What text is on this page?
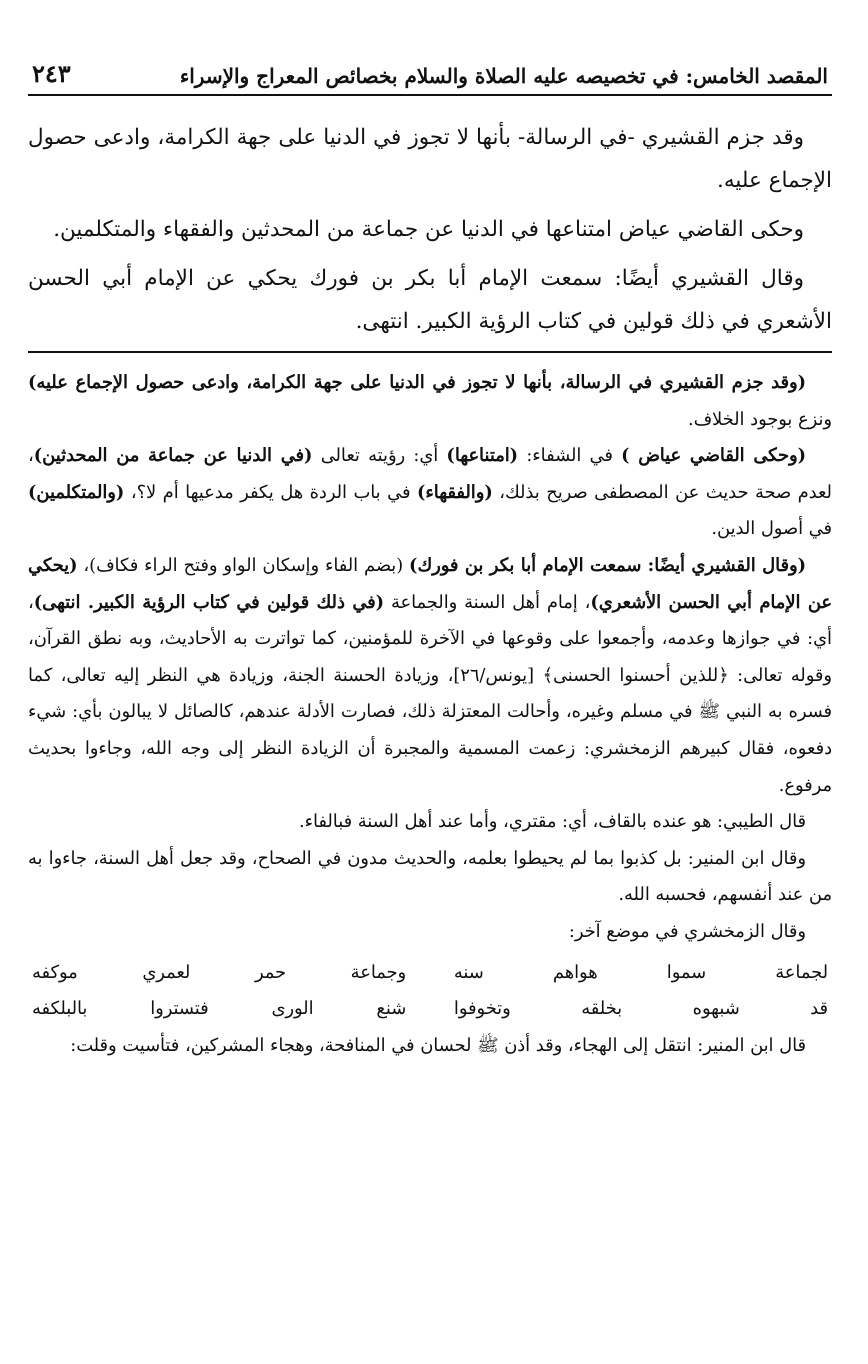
المقصد الخامس: في تخصيصه عليه الصلاة والسلام بخصائص المعراج والإسراء
٢٤٣

وقد جزم القشيري -في الرسالة- بأنها لا تجوز في الدنيا على جهة الكرامة، وادعى حصول الإجماع عليه.

وحكى القاضي عياض امتناعها في الدنيا عن جماعة من المحدثين والفقهاء والمتكلمين.

وقال القشيري أيضًا: سمعت الإمام أبا بكر بن فورك يحكي عن الإمام أبي الحسن الأشعري في ذلك قولين في كتاب الرؤية الكبير. انتهى.

(وقد جزم القشيري في الرسالة، بأنها لا تجوز في الدنيا على جهة الكرامة، وادعى حصول الإجماع عليه) ونزع بوجود الخلاف.

(وحكى القاضي عياض ) في الشفاء: (امتناعها) أي: رؤيته تعالى (في الدنيا عن جماعة من المحدثين)، لعدم صحة حديث عن المصطفى صريح بذلك، (والفقهاء) في باب الردة هل يكفر مدعيها أم لا؟، (والمتكلمين) في أصول الدين.

(وقال القشيري أيضًا: سمعت الإمام أبا بكر بن فورك) (بضم الفاء وإسكان الواو وفتح الراء فكاف)، (يحكي عن الإمام أبي الحسن الأشعري)، إمام أهل السنة والجماعة (في ذلك قولين في كتاب الرؤية الكبير. انتهى)، أي: في جوازها وعدمه، وأجمعوا على وقوعها في الآخرة للمؤمنين، كما تواترت به الأحاديث، وبه نطق القرآن، وقوله تعالى: ﴿للذين أحسنوا الحسنى﴾ [يونس/٢٦]، وزيادة الحسنة الجنة، وزيادة هي النظر إليه تعالى، كما فسره به النبي ﷺ في مسلم وغيره، وأحالت المعتزلة ذلك، فصارت الأدلة عندهم، كالصائل لا يبالون بأي: شيء دفعوه، فقال كبيرهم الزمخشري: زعمت المسمية والمجبرة أن الزيادة النظر إلى وجه الله، وجاءوا بحديث مرفوع.

قال الطيبي: هو عنده بالقاف، أي: مقتري، وأما عند أهل السنة فبالفاء.

وقال ابن المنير: بل كذبوا بما لم يحيطوا بعلمه، والحديث مدون في الصحاح، وقد جعل أهل السنة، جاءوا به من عند أنفسهم، فحسبه الله.

وقال الزمخشري في موضع آخر:

لجماعة سموا هواهم سنه
وجماعة حمر لعمري موكفه
قد شبهوه بخلقه وتخوفوا
شنع الورى فتستروا بالبلكفه

قال ابن المنير: انتقل إلى الهجاء، وقد أذن ﷺ لحسان في المنافحة، وهجاء المشركين، فتأسيت وقلت:
